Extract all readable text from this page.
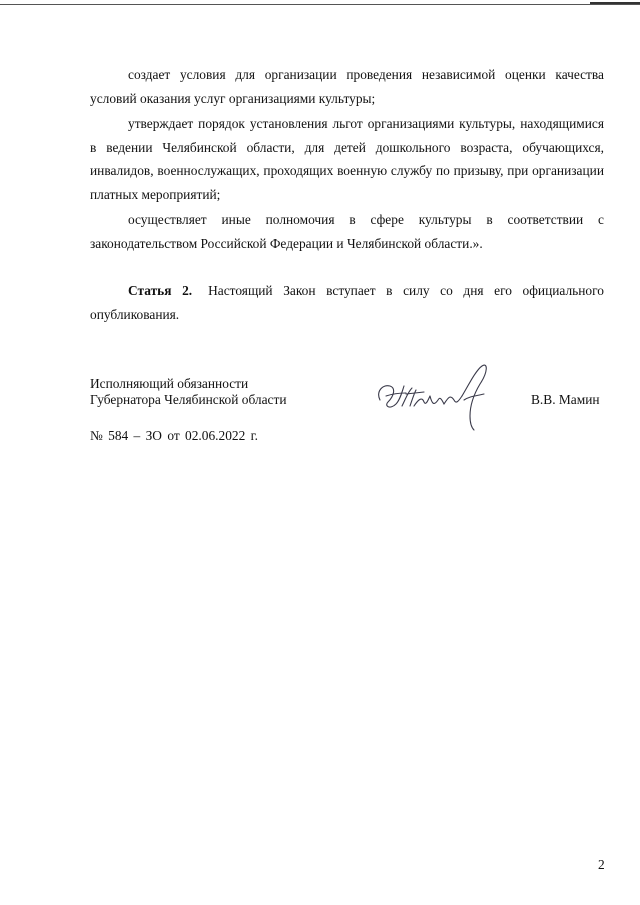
создает условия для организации проведения независимой оценки качества условий оказания услуг организациями культуры;

утверждает порядок установления льгот организациями культуры, находящимися в ведении Челябинской области, для детей дошкольного возраста, обучающихся, инвалидов, военнослужащих, проходящих военную службу по призыву, при организации платных мероприятий;

осуществляет иные полномочия в сфере культуры в соответствии с законодательством Российской Федерации и Челябинской области.».

Статья 2. Настоящий Закон вступает в силу со дня его официального опубликования.

Исполняющий обязанности
Губернатора Челябинской области	В.В. Мамин
№ 584 – ЗО от 02.06.2022 г.
2
